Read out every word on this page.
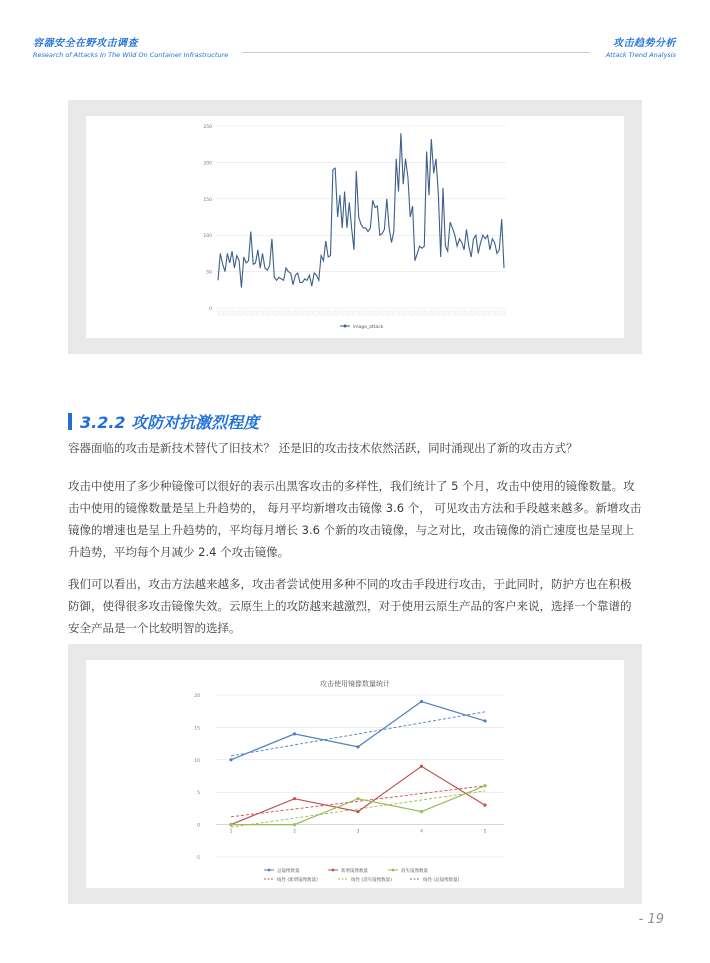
容器安全在野攻击调查
Research of Attacks In The Wild On Container Infrastructure
攻击趋势分析
Attack Trend Analysis
0
50
100
150
200
250
image_attack
3.2.2 攻防对抗激烈程度

容器面临的攻击是新技术替代了旧技术？ 还是旧的攻击技术依然活跃，同时涌现出了新的攻击方式？

攻击中使用了多少种镜像可以很好的表示出黑客攻击的多样性，我们统计了 5 个月，攻击中使用的镜像数量。攻击中使用的镜像数量是呈上升趋势的， 每月平均新增攻击镜像 3.6 个， 可见攻击方法和手段越来越多。新增攻击镜像的增速也是呈上升趋势的，平均每月增长 3.6 个新的攻击镜像，与之对比，攻击镜像的消亡速度也是呈现上升趋势，平均每个月减少 2.4 个攻击镜像。

我们可以看出，攻击方法越来越多，攻击者尝试使用多种不同的攻击手段进行攻击，于此同时，防护方也在积极防御，使得很多攻击镜像失效。云原生上的攻防越来越激烈，对于使用云原生产品的客户来说，选择一个靠谱的安全产品是一个比较明智的选择。

攻击使用镜像数量统计
-5
0
5
10
15
20
1	2	3	4	5
总镜像数量	新增镜像数量	消失镜像数量
线性 (新增镜像数量)	线性 (消失镜像数量)	线性 (总镜像数量)
- 19
